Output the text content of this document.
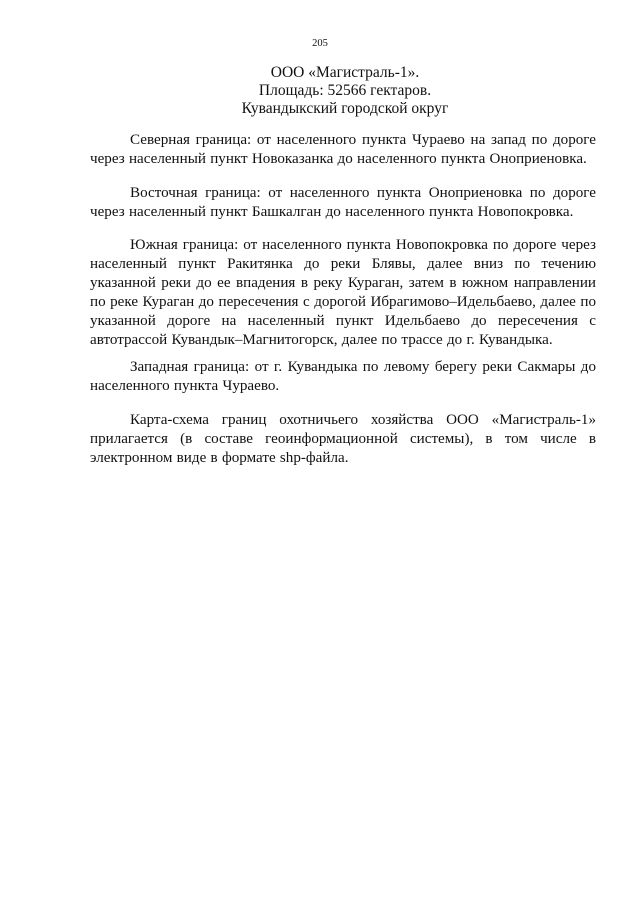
205
ООО «Магистраль-1».
Площадь: 52566 гектаров.
Кувандыкский городской округ

Северная граница: от населенного пункта Чураево на запад по дороге через населенный пункт Новоказанка до населенного пункта Оноприеновка.

Восточная граница: от населенного пункта Оноприеновка по дороге через населенный пункт Башкалган до населенного пункта Новопокровка.

Южная граница: от населенного пункта Новопокровка по дороге через населенный пункт Ракитянка до реки Блявы, далее вниз по течению указанной реки до ее впадения в реку Кураган, затем в южном направлении по реке Кураган до пересечения с дорогой Ибрагимово–Идельбаево, далее по указанной дороге на населенный пункт Идельбаево до пересечения с автотрассой Кувандык–Магнитогорск, далее по трассе до г. Кувандыка.

Западная граница: от г. Кувандыка по левому берегу реки Сакмары до населенного пункта Чураево.

Карта-схема границ охотничьего хозяйства ООО «Магистраль-1» прилагается (в составе геоинформационной системы), в том числе в электронном виде в формате shp-файла.
